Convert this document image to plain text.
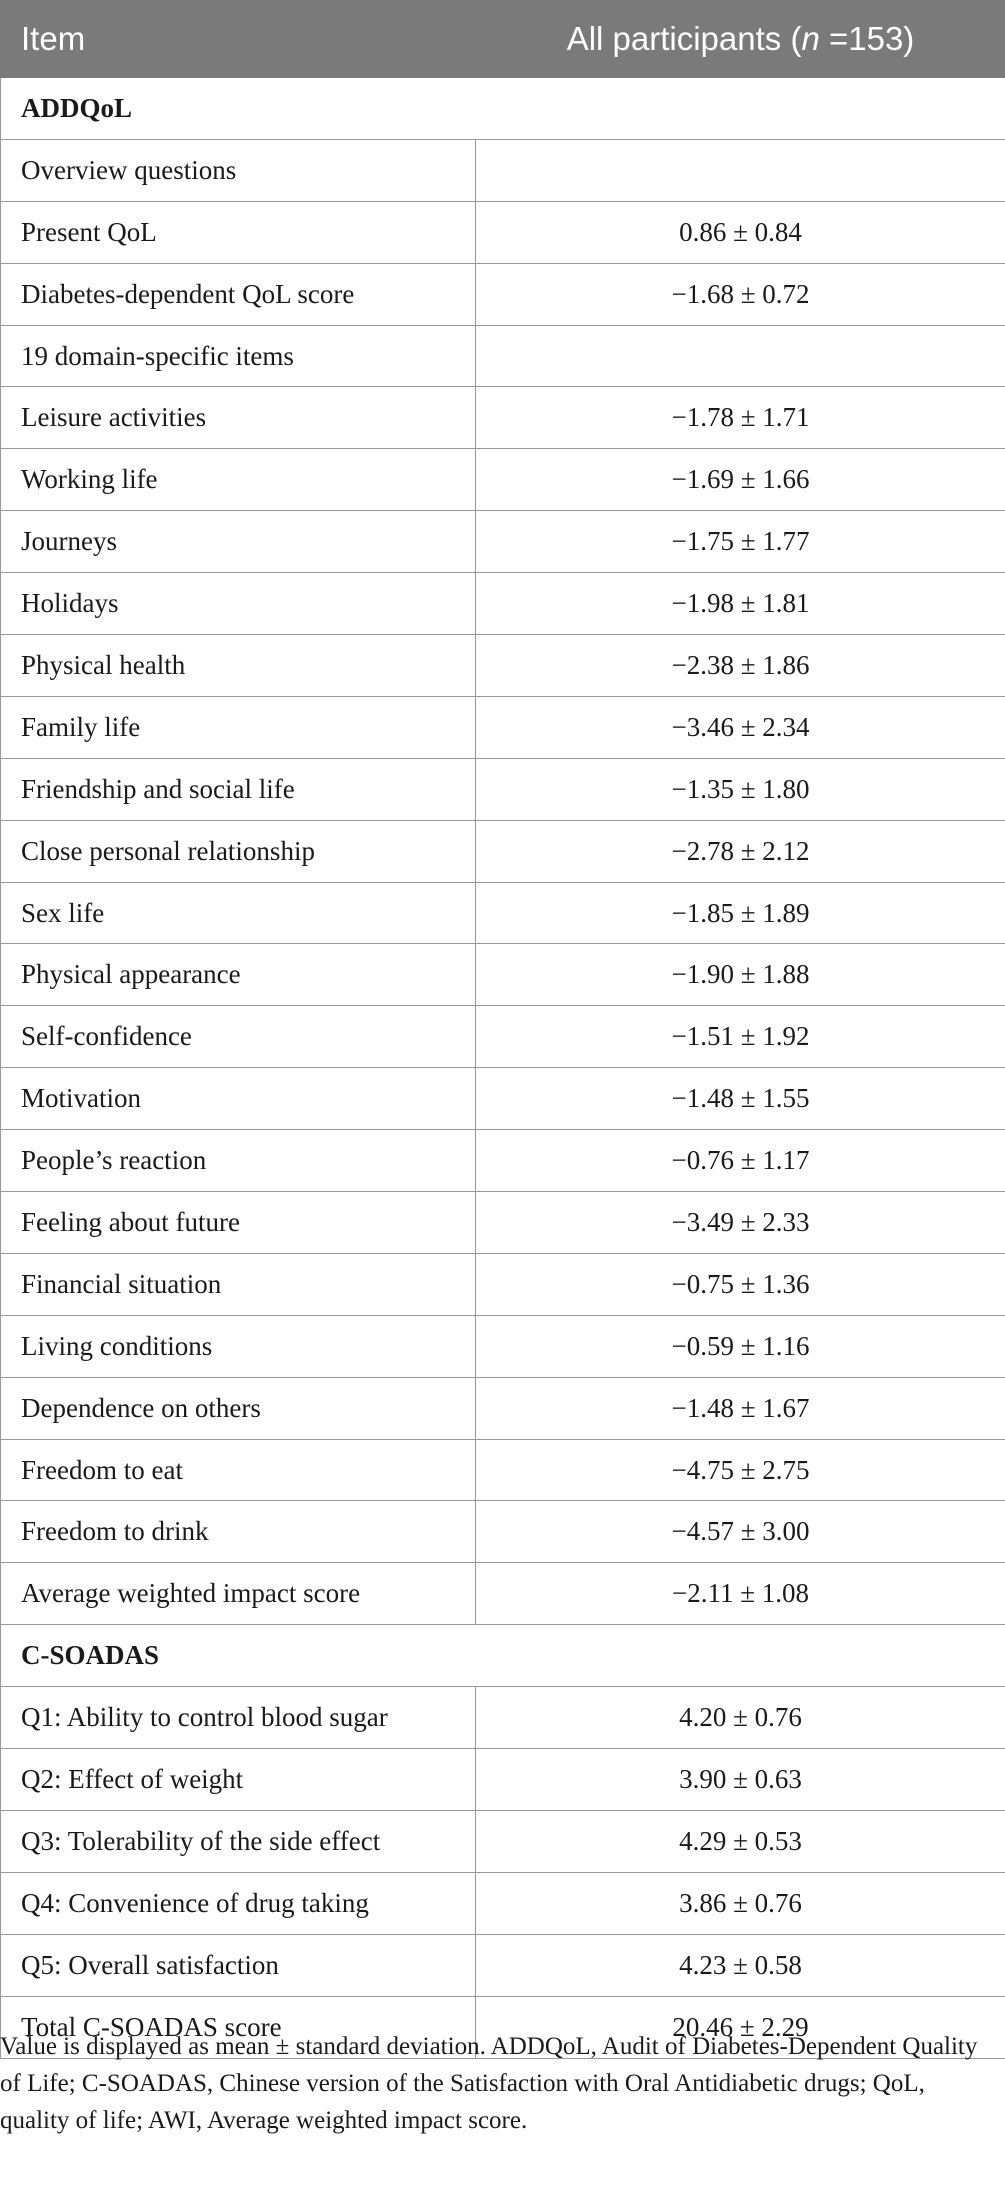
Item	All participants (n =153)
ADDQoL	
Overview questions	
Present QoL	0.86 ± 0.84
Diabetes-dependent QoL score	−1.68 ± 0.72
19 domain-specific items	
Leisure activities	−1.78 ± 1.71
Working life	−1.69 ± 1.66
Journeys	−1.75 ± 1.77
Holidays	−1.98 ± 1.81
Physical health	−2.38 ± 1.86
Family life	−3.46 ± 2.34
Friendship and social life	−1.35 ± 1.80
Close personal relationship	−2.78 ± 2.12
Sex life	−1.85 ± 1.89
Physical appearance	−1.90 ± 1.88
Self-confidence	−1.51 ± 1.92
Motivation	−1.48 ± 1.55
People’s reaction	−0.76 ± 1.17
Feeling about future	−3.49 ± 2.33
Financial situation	−0.75 ± 1.36
Living conditions	−0.59 ± 1.16
Dependence on others	−1.48 ± 1.67
Freedom to eat	−4.75 ± 2.75
Freedom to drink	−4.57 ± 3.00
Average weighted impact score	−2.11 ± 1.08
C-SOADAS	
Q1: Ability to control blood sugar	4.20 ± 0.76
Q2: Effect of weight	3.90 ± 0.63
Q3: Tolerability of the side effect	4.29 ± 0.53
Q4: Convenience of drug taking	3.86 ± 0.76
Q5: Overall satisfaction	4.23 ± 0.58
Total C-SOADAS score	20.46 ± 2.29

Value is displayed as mean ± standard deviation. ADDQoL, Audit of Diabetes-Dependent Quality of Life; C-SOADAS, Chinese version of the Satisfaction with Oral Antidiabetic drugs; QoL, quality of life; AWI, Average weighted impact score.
